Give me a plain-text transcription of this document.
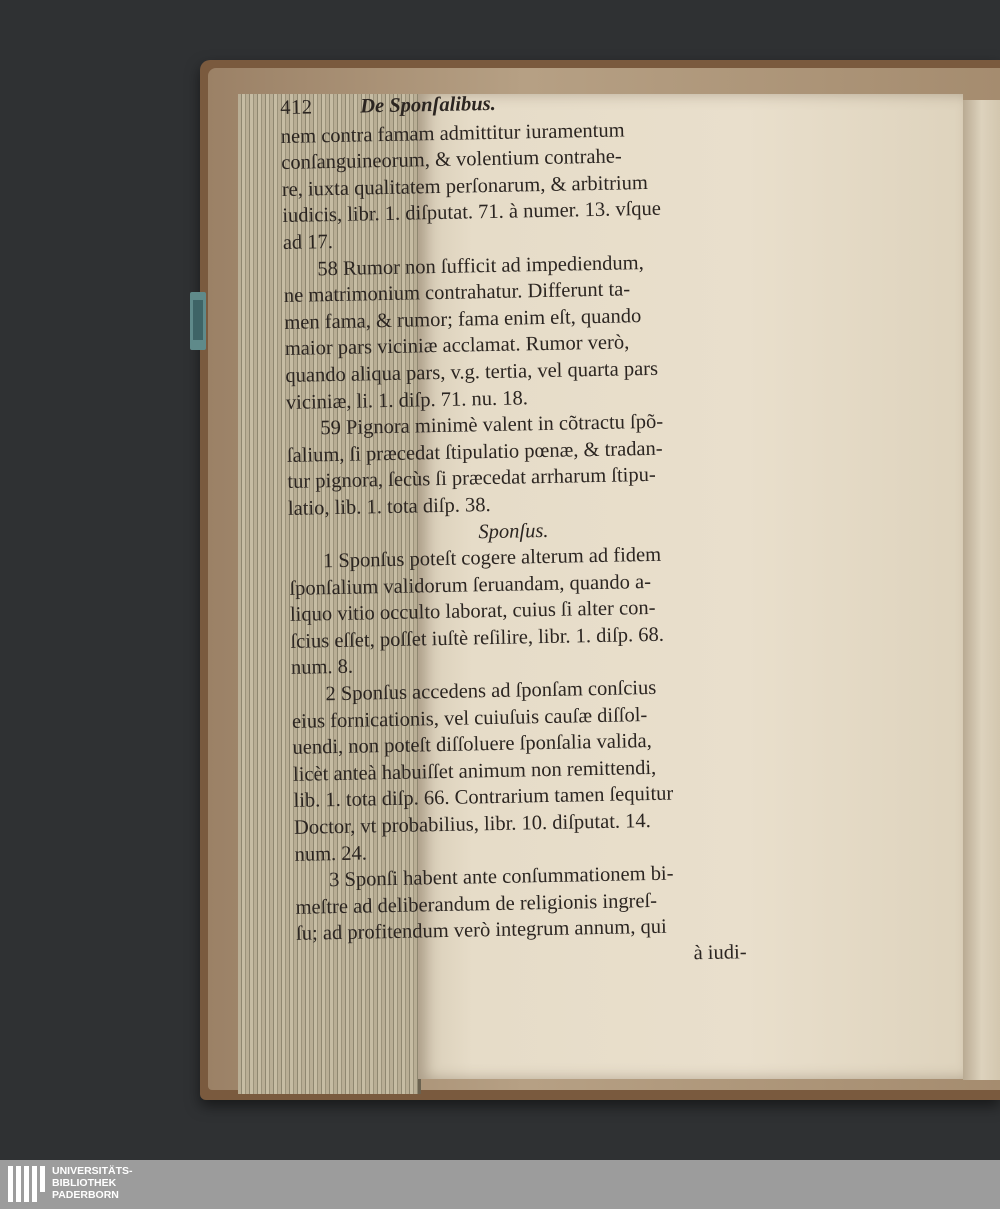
412	De Sponſalibus.
nem contra famam admittitur iuramentum
conſanguineorum, & volentium contrahe-
re, iuxta qualitatem perſonarum, & arbitrium
iudicis, libr. 1. diſputat. 71. à numer. 13. vſque
ad 17.
58 Rumor non ſufficit ad impediendum,
ne matrimonium contrahatur. Differunt ta-
men fama, & rumor; fama enim eſt, quando
maior pars viciniæ acclamat. Rumor verò,
quando aliqua pars, v.g. tertia, vel quarta pars
viciniæ, li. 1. diſp. 71. nu. 18.
59 Pignora minimè valent in cõtractu ſpõ-
ſalium, ſi præcedat ſtipulatio pœnæ, & tradan-
tur pignora, ſecùs ſi præcedat arrharum ſtipu-
latio, lib. 1. tota diſp. 38.
Sponſus.
1 Sponſus poteſt cogere alterum ad fidem
ſponſalium validorum ſeruandam, quando a-
liquo vitio occulto laborat, cuius ſi alter con-
ſcius eſſet, poſſet iuſtè reſilire, libr. 1. diſp. 68.
num. 8.
2 Sponſus accedens ad ſponſam conſcius
eius fornicationis, vel cuiuſuis cauſæ diſſol-
uendi, non poteſt diſſoluere ſponſalia valida,
licèt anteà habuiſſet animum non remittendi,
lib. 1. tota diſp. 66. Contrarium tamen ſequitur
Doctor, vt probabilius, libr. 10. diſputat. 14.
num. 24.
3 Sponſi habent ante conſummationem bi-
meſtre ad deliberandum de religionis ingreſ-
ſu; ad profitendum verò integrum annum, qui
à iudi-
UNIVERSITÄTS-
BIBLIOTHEK
PADERBORN
